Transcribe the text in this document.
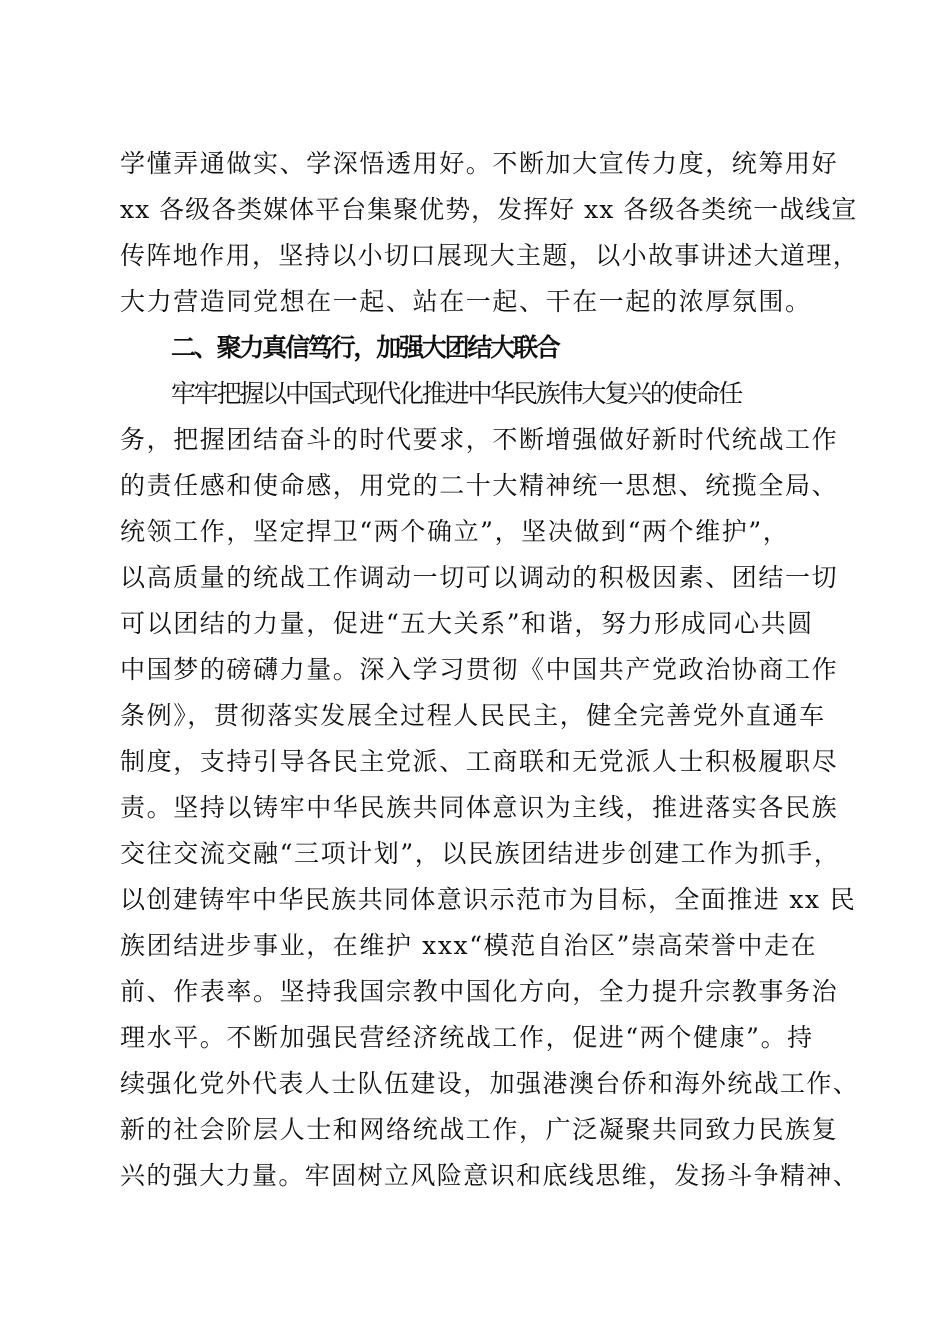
学懂弄通做实、学深悟透用好。不断加大宣传力度，统筹用好
xx 各级各类媒体平台集聚优势，发挥好 xx 各级各类统一战线宣
传阵地作用，坚持以小切口展现大主题，以小故事讲述大道理，
大力营造同党想在一起、站在一起、干在一起的浓厚氛围。
二、聚力真信笃行，加强大团结大联合
牢牢把握以中国式现代化推进中华民族伟大复兴的使命任
务，把握团结奋斗的时代要求，不断增强做好新时代统战工作
的责任感和使命感，用党的二十大精神统一思想、统揽全局、
统领工作，坚定捍卫“两个确立”，坚决做到“两个维护”，
以高质量的统战工作调动一切可以调动的积极因素、团结一切
可以团结的力量，促进“五大关系”和谐，努力形成同心共圆
中国梦的磅礴力量。深入学习贯彻《中国共产党政治协商工作
条例》，贯彻落实发展全过程人民民主，健全完善党外直通车
制度，支持引导各民主党派、工商联和无党派人士积极履职尽
责。坚持以铸牢中华民族共同体意识为主线，推进落实各民族
交往交流交融“三项计划”，以民族团结进步创建工作为抓手，
以创建铸牢中华民族共同体意识示范市为目标，全面推进 xx 民
族团结进步事业，在维护 xxx“模范自治区”崇高荣誉中走在
前、作表率。坚持我国宗教中国化方向，全力提升宗教事务治
理水平。不断加强民营经济统战工作，促进“两个健康”。持
续强化党外代表人士队伍建设，加强港澳台侨和海外统战工作、
新的社会阶层人士和网络统战工作，广泛凝聚共同致力民族复
兴的强大力量。牢固树立风险意识和底线思维，发扬斗争精神、
